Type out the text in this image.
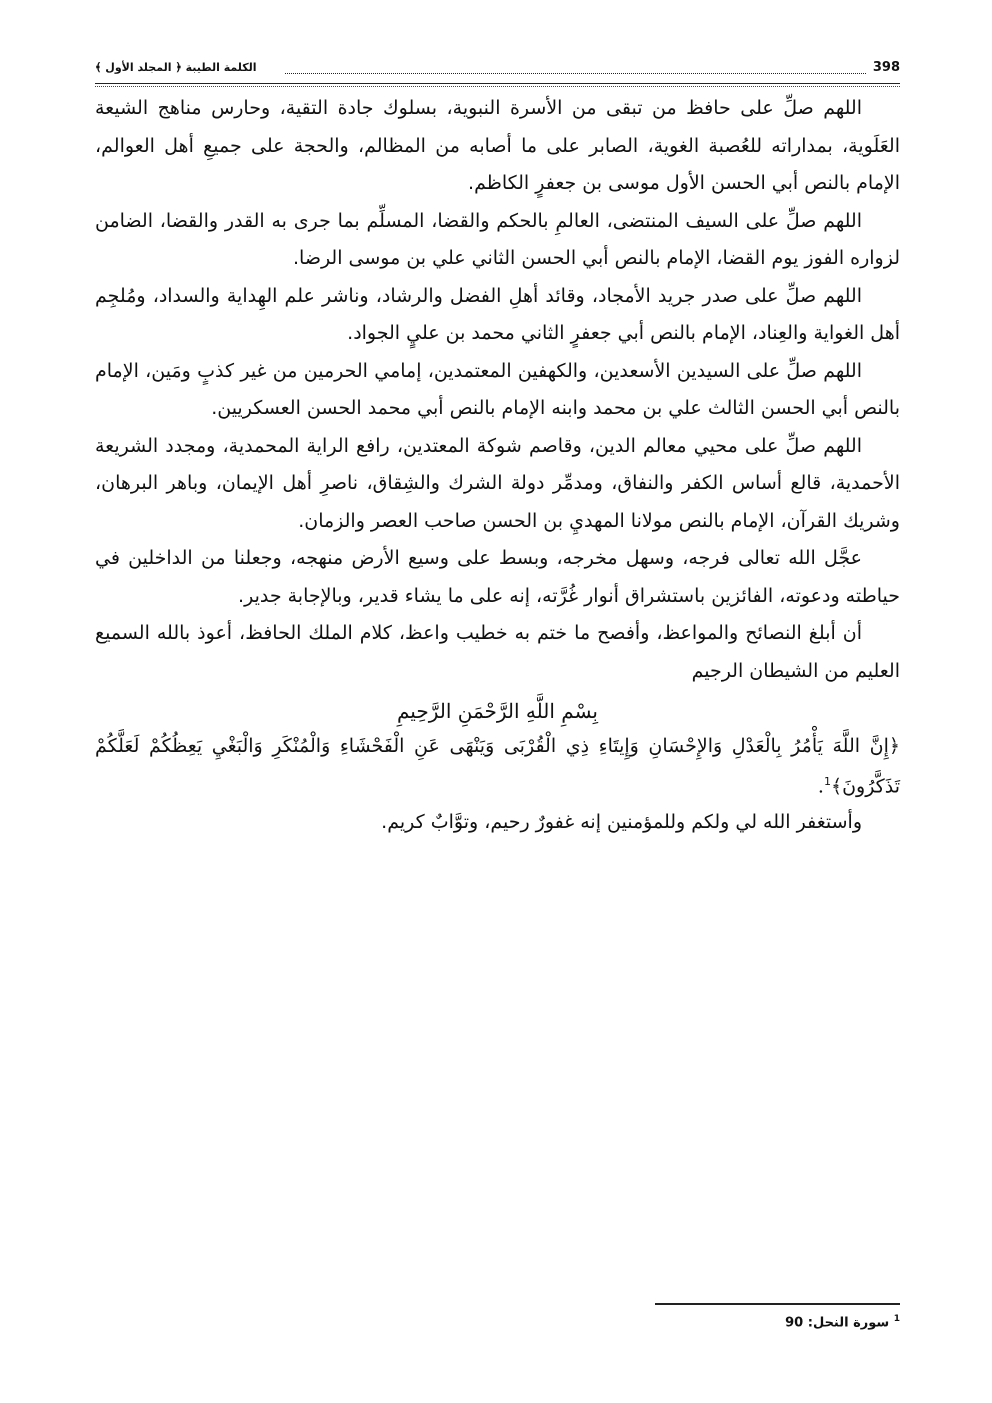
398
الكلمة الطيبة ﴿ المجلد الأول ﴾

اللهم صلِّ على حافظ من تبقى من الأسرة النبوية، بسلوك جادة التقية، وحارس مناهج الشيعة العَلَوية، بمداراته للعُصبة الغوية، الصابر على ما أصابه من المظالم، والحجة على جميعِ أهل العوالم، الإمام بالنص أبي الحسن الأول موسى بن جعفرٍ الكاظم.

اللهم صلِّ على السيف المنتضى، العالمِ بالحكم والقضا، المسلِّم بما جرى به القدر والقضا، الضامن لزواره الفوز يوم القضا، الإمام بالنص أبي الحسن الثاني علي بن موسى الرضا.

اللهم صلِّ على صدر جريد الأمجاد، وقائد أهلِ الفضل والرشاد، وناشر علم الهِداية والسداد، ومُلجِم أهل الغواية والعِناد، الإمام بالنص أبي جعفرٍ الثاني محمد بن عليٍ الجواد.

اللهم صلِّ على السيدين الأسعدين، والكهفين المعتمدين، إمامي الحرمين من غير كذبٍ ومَين، الإمام بالنص أبي الحسن الثالث علي بن محمد وابنه الإمام بالنص أبي محمد الحسن العسكريين.

اللهم صلِّ على محيي معالم الدين، وقاصم شوكة المعتدين، رافع الراية المحمدية، ومجدد الشريعة الأحمدية، قالع أساس الكفر والنفاق، ومدمِّر دولة الشرك والشِقاق، ناصرِ أهل الإيمان، وباهر البرهان، وشريك القرآن، الإمام بالنص مولانا المهديِ بن الحسن صاحب العصر والزمان.

عجَّل الله تعالى فرجه، وسهل مخرجه، وبسط على وسيع الأرض منهجه، وجعلنا من الداخلين في حياطته ودعوته، الفائزين باستشراق أنوار غُرَّته، إنه على ما يشاء قدير، وبالإجابة جدير.

أن أبلغ النصائح والمواعظ، وأفصح ما ختم به خطيب واعظ، كلام الملك الحافظ، أعوذ بالله السميع العليم من الشيطان الرجيم

بِسْمِ اللَّهِ الرَّحْمَنِ الرَّحِيمِ

﴿إِنَّ اللَّهَ يَأْمُرُ بِالْعَدْلِ وَالإِحْسَانِ وَإِيتَاءِ ذِي الْقُرْبَى وَيَنْهَى عَنِ الْفَحْشَاءِ وَالْمُنْكَرِ وَالْبَغْيِ يَعِظُكُمْ لَعَلَّكُمْ تَذَكَّرُونَ﴾$^1$.

وأستغفر الله لي ولكم وللمؤمنين إنه غفورٌ رحيم، وتوَّابٌ كريم.

$^1$ سورة النحل: 90
